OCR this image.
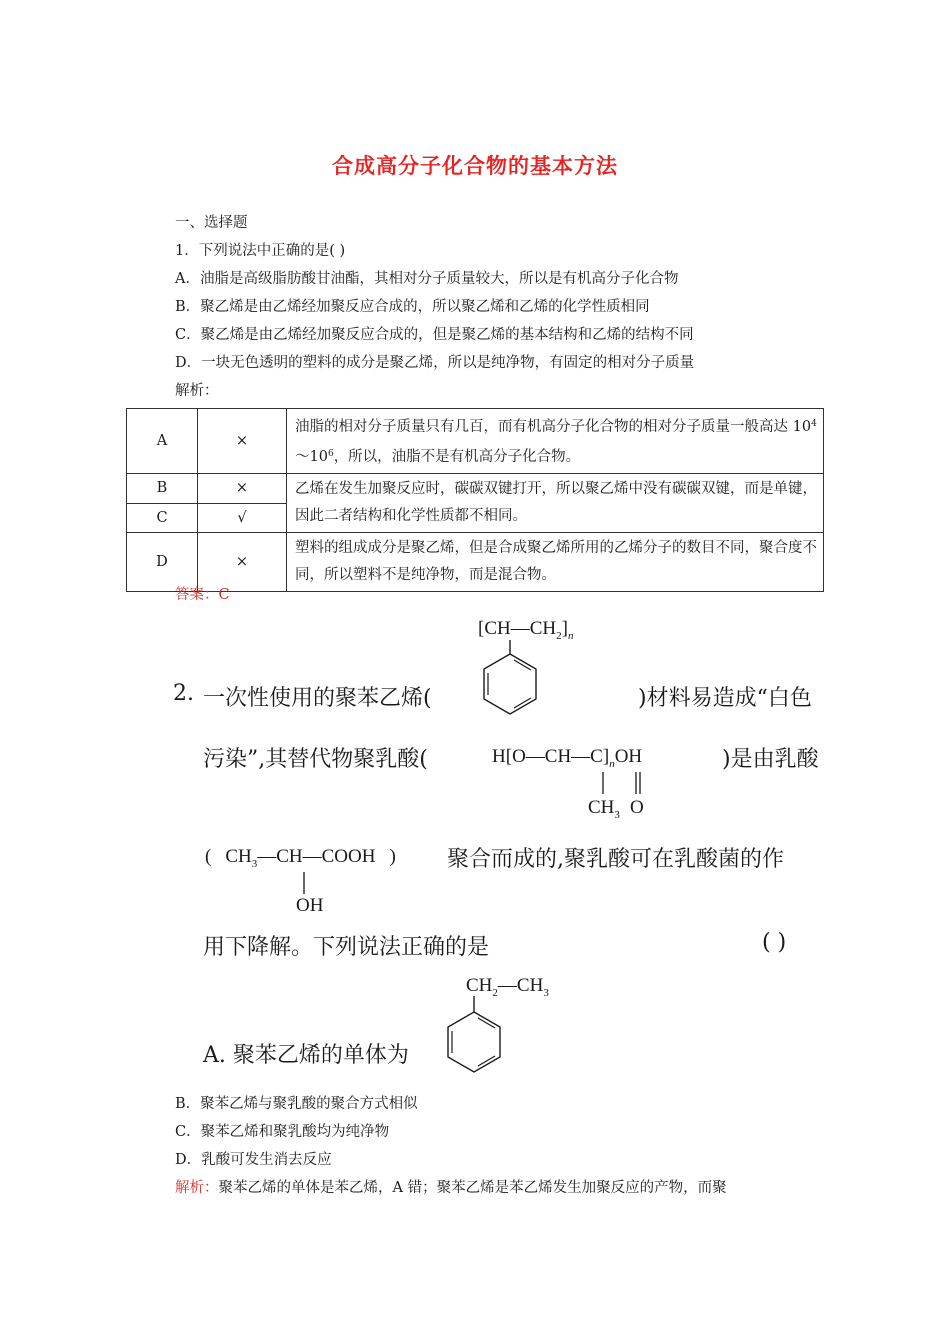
合成高分子化合物的基本方法
一、选择题
1．下列说法中正确的是( )
A．油脂是高级脂肪酸甘油酯，其相对分子质量较大，所以是有机高分子化合物
B．聚乙烯是由乙烯经加聚反应合成的，所以聚乙烯和乙烯的化学性质相同
C．聚乙烯是由乙烯经加聚反应合成的，但是聚乙烯的基本结构和乙烯的结构不同
D．一块无色透明的塑料的成分是聚乙烯，所以是纯净物，有固定的相对分子质量
解析：
A	×	油脂的相对分子质量只有几百，而有机高分子化合物的相对分子质量一般高达 $10^4\sim 10^6$，所以，油脂不是有机高分子化合物。
B	×	乙烯在发生加聚反应时，碳碳双键打开，所以聚乙烯中没有碳碳双键，而是单键，因此二者结构和化学性质都不相同。
C	√	
D	×	塑料的组成成分是聚乙烯，但是合成聚乙烯所用的乙烯分子的数目不同，聚合度不同，所以塑料不是纯净物，而是混合物。
答案：C
$[CH—CH_2]_n$
2. 一次性使用的聚苯乙烯(	)材料易造成“白色
污染”,其替代物聚乳酸(	$H[O—CH—C]_nOH$
$CH_3$ O
)是由乳酸
( $CH_3—CH—COOH$ )
OH
聚合而成的,聚乳酸可在乳酸菌的作
用下降解。下列说法正确的是	( )
$CH_2—CH_3$
A. 聚苯乙烯的单体为
B．聚苯乙烯与聚乳酸的聚合方式相似
C．聚苯乙烯和聚乳酸均为纯净物
D．乳酸可发生消去反应
解析：聚苯乙烯的单体是苯乙烯，A 错；聚苯乙烯是苯乙烯发生加聚反应的产物，而聚
